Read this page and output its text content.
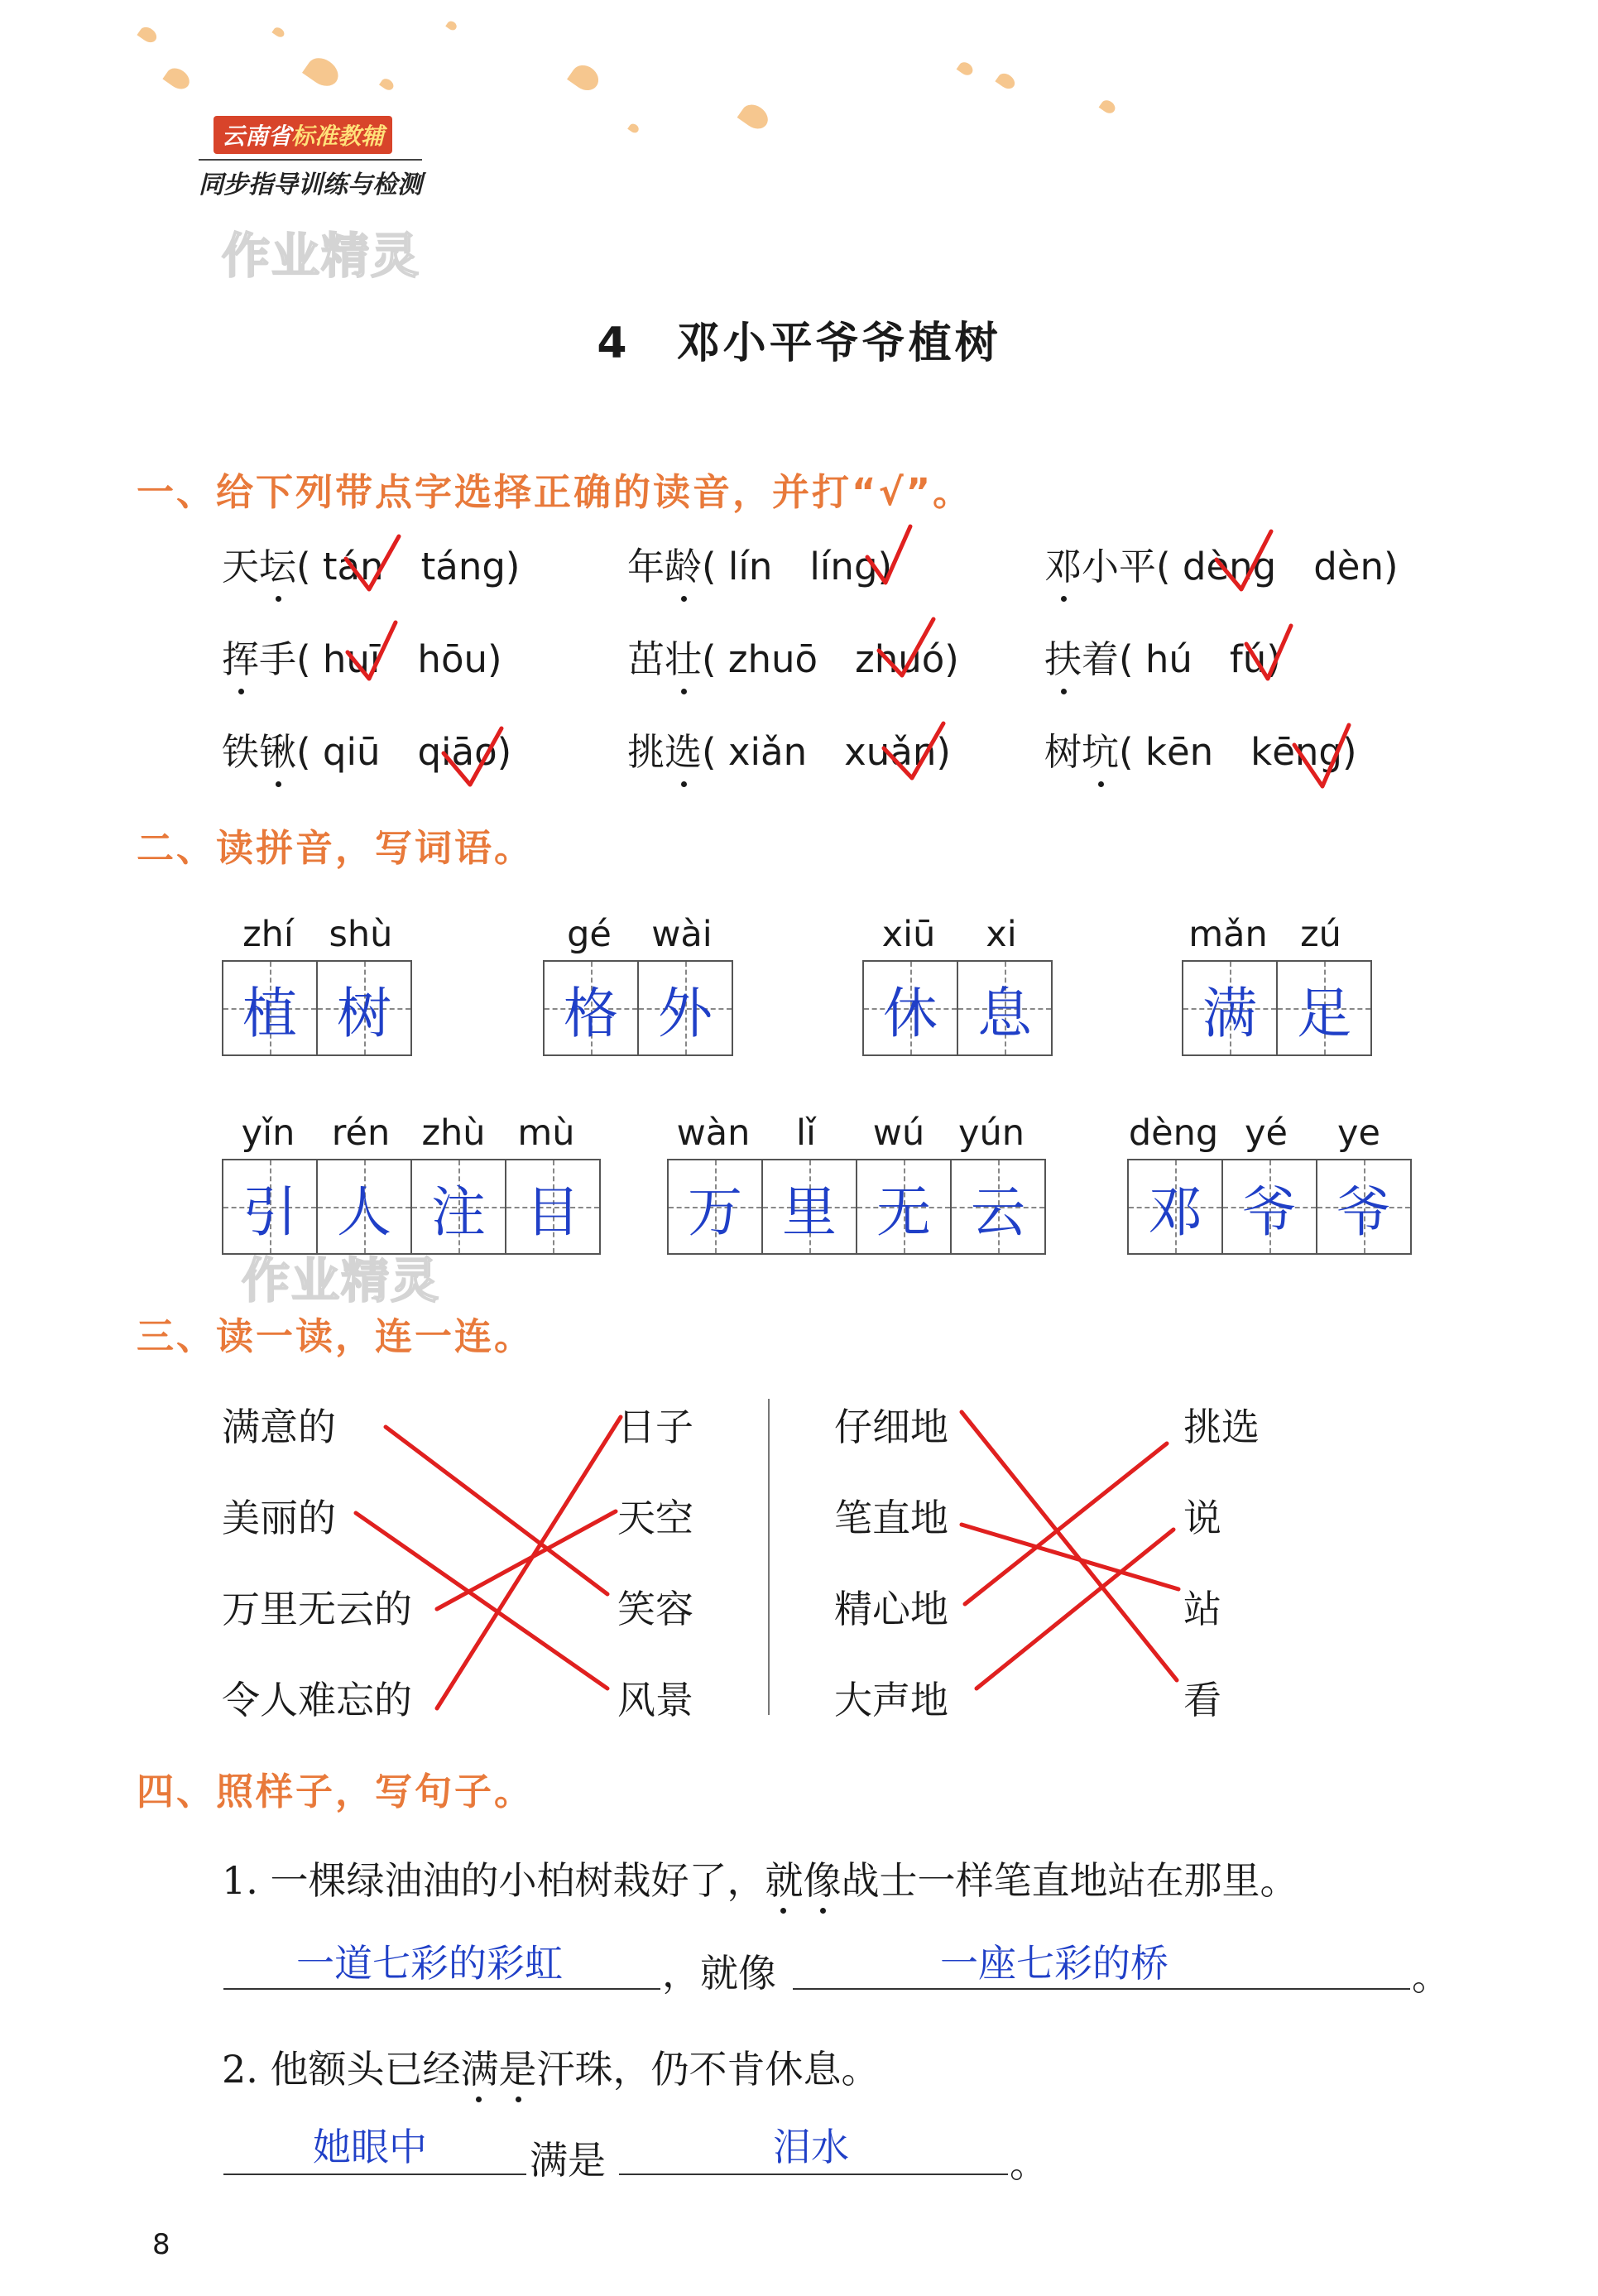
云南省标准教辅
同步指导训练与检测
作业精灵
作业精灵
4　邓小平爷爷植树
一、给下列带点字选择正确的读音，并打“√”。
天坛( tán　táng)	年龄( lín　líng)	邓小平( dèng　dèn)
挥手( huī　hōu)	茁壮( zhuō　zhuó) 扶着( hú　fú)
铁锹( qiū　qiāo)	挑选( xiǎn　xuǎn)	树坑( kēn　kēng)
二、读拼音，写词语。
zhí shù
植 树
gé	wài
格 外
xiū	xi
休 息
mǎn zú
满 足
yǐn	rén zhù mù
引 人 注 目
wàn	lǐ	wú yún
万 里 无 云
dèng yé	ye
邓 爷 爷
三、读一读，连一连。
满意的
美丽的
万里无云的
令人难忘的
日子
天空
笑容
风景
仔细地
笔直地
精心地
大声地
挑选
说
站
看
四、照样子，写句子。
1. 一棵绿油油的小柏树栽好了，就像
战士一样笔直地站在那里。
一道七彩的彩虹	，就像	一座七彩的桥	。
2. 他额头已经满是
汗珠，仍不肯休息。
她眼中	满是	泪水	。
8
